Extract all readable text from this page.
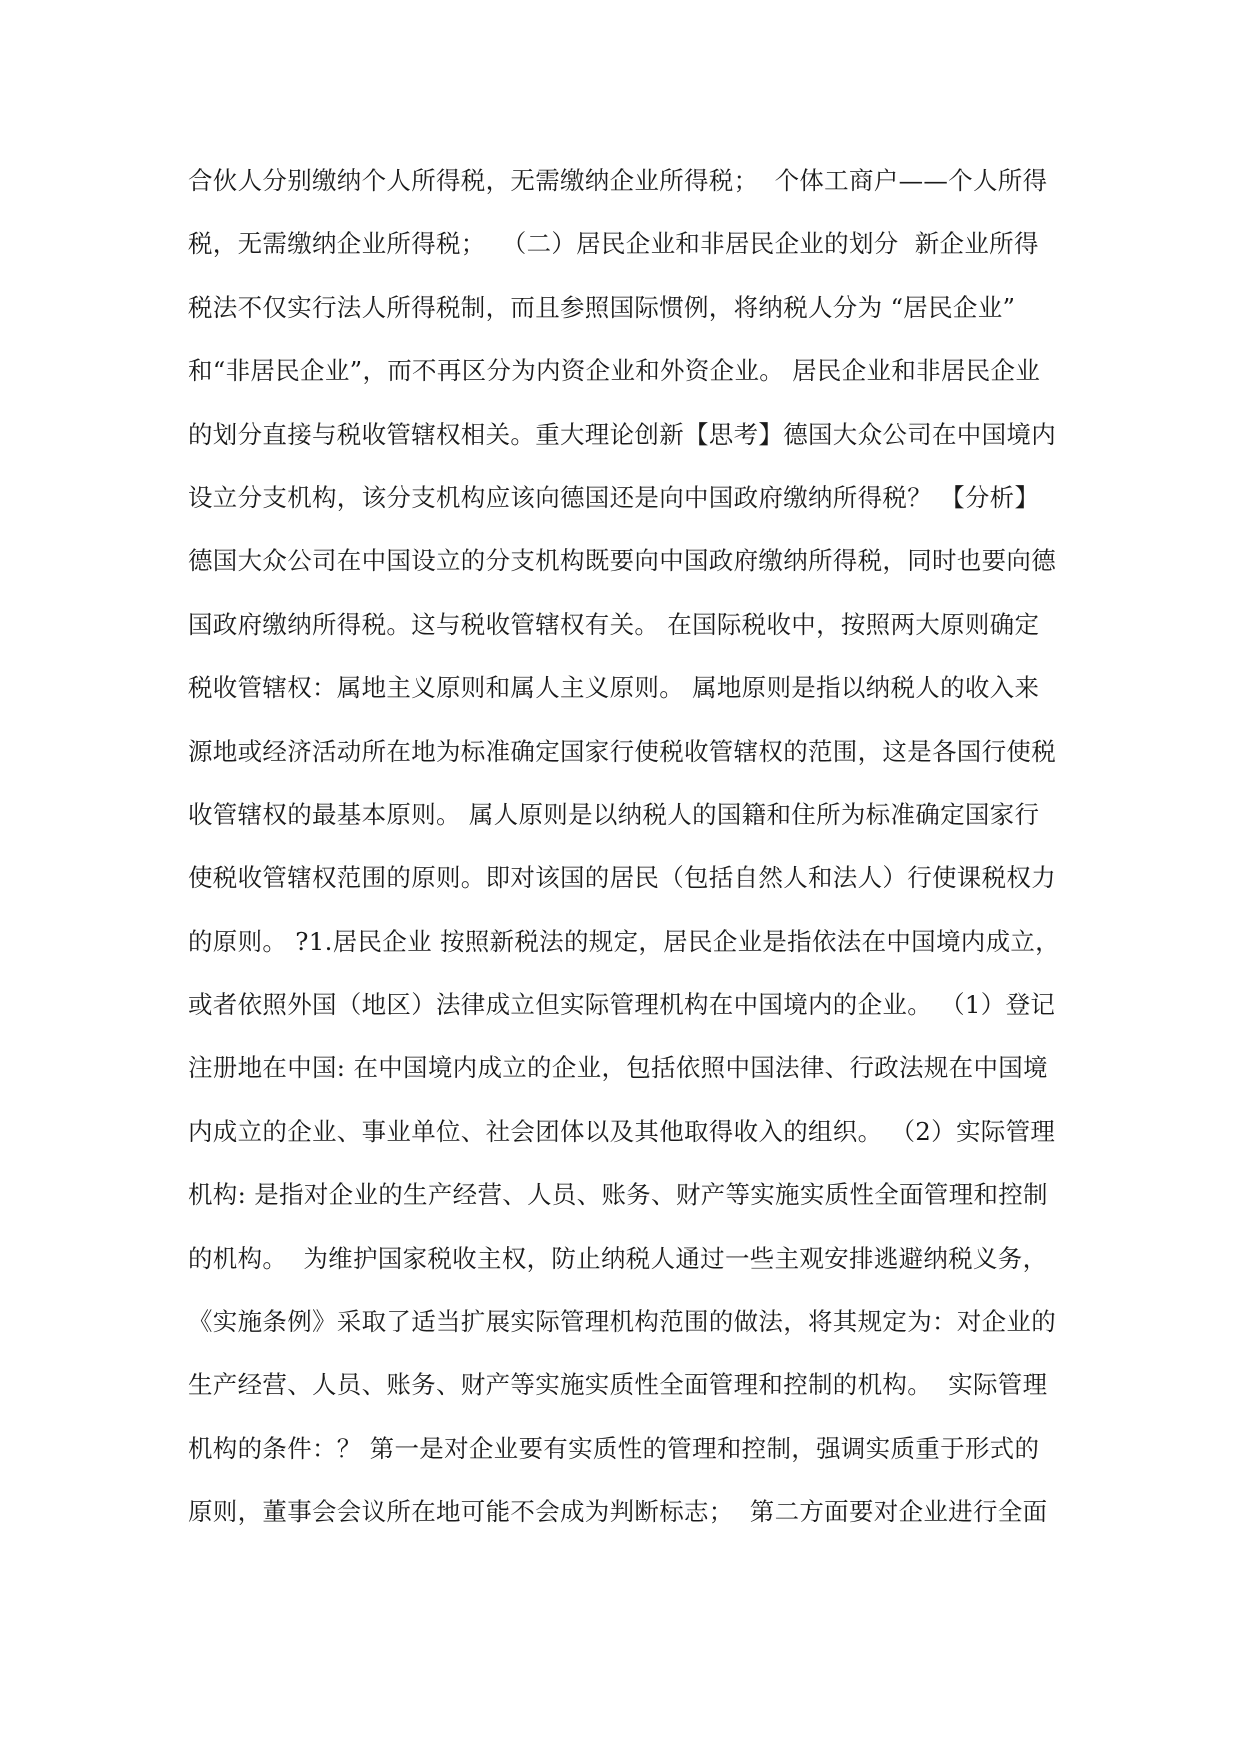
合伙人分别缴纳个人所得税，无需缴纳企业所得税；  个体工商户——个人所得
税，无需缴纳企业所得税；  （二）居民企业和非居民企业的划分  新企业所得
税法不仅实行法人所得税制，而且参照国际惯例，将纳税人分为 “居民企业”
和“非居民企业”，而不再区分为内资企业和外资企业。 居民企业和非居民企业
的划分直接与税收管辖权相关。重大理论创新【思考】德国大众公司在中国境内
设立分支机构，该分支机构应该向德国还是向中国政府缴纳所得税？ 【分析】
德国大众公司在中国设立的分支机构既要向中国政府缴纳所得税，同时也要向德
国政府缴纳所得税。这与税收管辖权有关。 在国际税收中，按照两大原则确定
税收管辖权：属地主义原则和属人主义原则。 属地原则是指以纳税人的收入来
源地或经济活动所在地为标准确定国家行使税收管辖权的范围，这是各国行使税
收管辖权的最基本原则。 属人原则是以纳税人的国籍和住所为标准确定国家行
使税收管辖权范围的原则。即对该国的居民（包括自然人和法人）行使课税权力
的原则。 ?1.居民企业 按照新税法的规定，居民企业是指依法在中国境内成立，
或者依照外国（地区）法律成立但实际管理机构在中国境内的企业。 （1）登记
注册地在中国: 在中国境内成立的企业，包括依照中国法律、行政法规在中国境
内成立的企业、事业单位、社会团体以及其他取得收入的组织。 （2）实际管理
机构: 是指对企业的生产经营、人员、账务、财产等实施实质性全面管理和控制
的机构。  为维护国家税收主权，防止纳税人通过一些主观安排逃避纳税义务，
《实施条例》采取了适当扩展实际管理机构范围的做法，将其规定为：对企业的
生产经营、人员、账务、财产等实施实质性全面管理和控制的机构。  实际管理
机构的条件：？ 第一是对企业要有实质性的管理和控制，强调实质重于形式的
原则，董事会会议所在地可能不会成为判断标志；  第二方面要对企业进行全面
